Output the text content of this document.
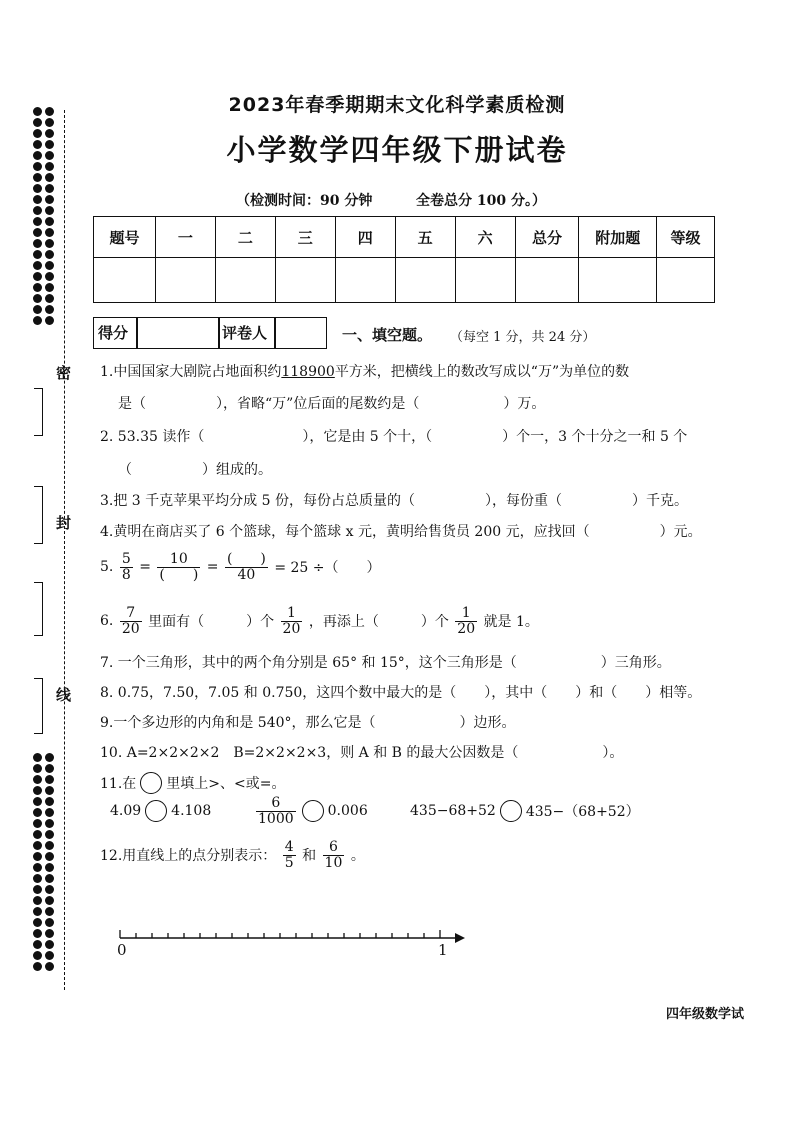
2023年春季期期末文化科学素质检测
小学数学四年级下册试卷
（检测时间：90 分钟	全卷总分 100 分。）
题号	一	二	三	四	五	六	总分	附加题	等级

得分	评卷人	一、填空题。 （每空 1 分，共 24 分）
密
封
线
1.中国国家大剧院占地面积约118900平方米，把横线上的数改写成以“万”为单位的数
是（　　　　　），省略“万”位后面的尾数约是（　　　　　　）万。
2. 53.35 读作（　　　　　　　），它是由 5 个十，（　　　　　）个一，3 个十分之一和 5 个
（　　　　　）组成的。
3.把 3 千克苹果平均分成 5 份，每份占总质量的（　　　　　），每份重（　　　　　）千克。
4.黄明在商店买了 6 个篮球，每个篮球 x 元，黄明给售货员 200 元，应找回（　　　　　）元。
5. $\frac{5}{8} = \frac{10}{( )} = \frac{( )}{40} = 25$ ÷（　　）
6. $\frac{7}{20}$ 里面有（　　　）个 $\frac{1}{20}$ ，再添上（　　　）个 $\frac{1}{20}$ 就是 1。
7. 一个三角形，其中的两个角分别是 65° 和 15°，这个三角形是（　　　　　　）三角形。
8. 0.75，7.50，7.05 和 0.750，这四个数中最大的是（　　），其中（　　）和（　　）相等。
9.一个多边形的内角和是 540°，那么它是（　　　　　　）边形。
10. A=2×2×2×2　B=2×2×2×3，则 A 和 B 的最大公因数是（　　　　　　）。
11.在 里填上>、<或=。
4.09 4.108	$\frac{6}{1000} 0.006$	435−68+52 435−（68+52）
12.用直线上的点分别表示： $\frac{4}{5}$ 和 $\frac{6}{10}$ 。
0	1
四年级数学试
